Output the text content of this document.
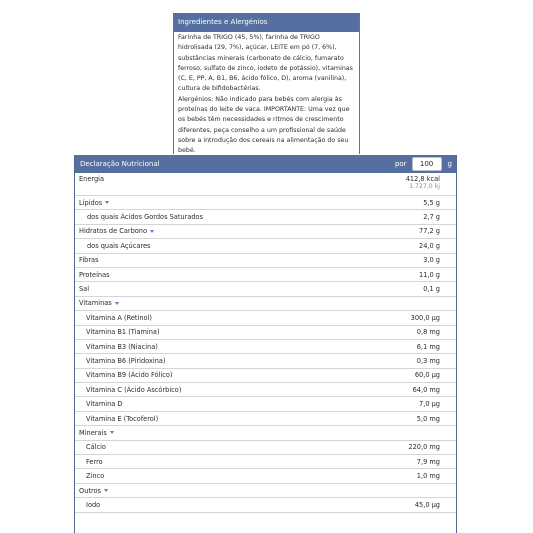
Ingredientes e Alergénios

Farinha de TRIGO (45, 5%), farinha de TRIGO hidrolisada (29, 7%), açúcar, LEITE em pó (7, 6%), substâncias minerais (carbonato de cálcio, fumarato ferroso, sulfato de zinco, iodeto de potássio), vitaminas (C, E, PP, A, B1, B6, ácido fólico, D), aroma (vanilina), cultura de bifidobactérias.

Alergénios: Não indicado para bebés com alergia às proteínas do leite de vaca. IMPORTANTE: Uma vez que os bebés têm necessidades e ritmos de crescimento diferentes, peça conselho a um profissional de saúde sobre a introdução dos cereais na alimentação do seu bebé.

Declaração Nutricional	por	100	g
Energia	412,8 kcal
1.727,0 kj
Lípidos	5,5 g
dos quais Ácidos Gordos Saturados	2,7 g
Hidratos de Carbono	77,2 g
dos quais Açúcares	24,0 g
Fibras	3,0 g
Proteínas	11,0 g
Sal	0,1 g
Vitaminas
Vitamina A (Retinol)	300,0 μg
Vitamina B1 (Tiamina)	0,8 mg
Vitamina B3 (Niacina)	6,1 mg
Vitamina B6 (Piridoxina)	0,3 mg
Vitamina B9 (Ácido Fólico)	60,0 μg
Vitamina C (Ácido Ascórbico)	64,0 mg
Vitamina D	7,0 μg
Vitamina E (Tocoferol)	5,0 mg
Minerais
Cálcio	220,0 mg
Ferro	7,9 mg
Zinco	1,0 mg
Outros
Iodo	45,0 μg
